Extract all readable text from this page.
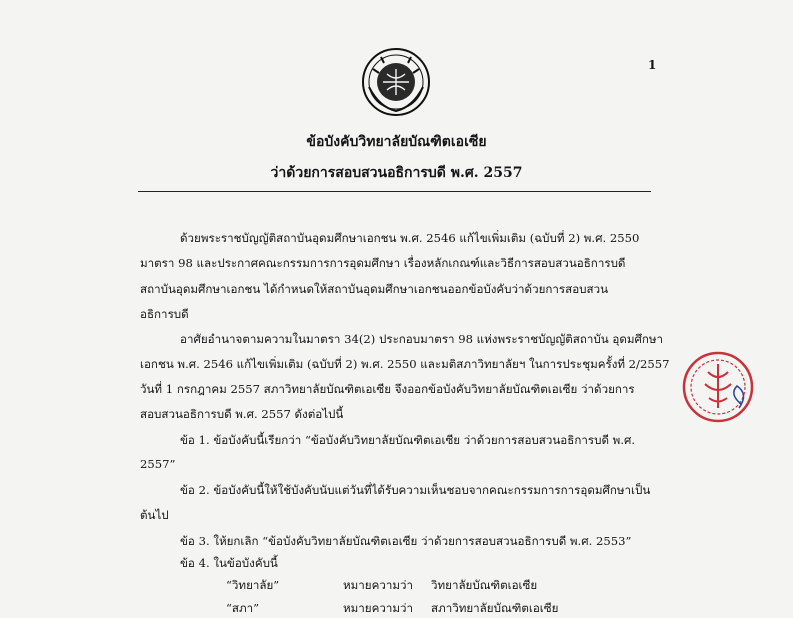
1
ข้อบังคับวิทยาลัยบัณฑิตเอเซีย
ว่าด้วยการสอบสวนอธิการบดี พ.ศ. 2557
ด้วยพระราชบัญญัติสถาบันอุดมศึกษาเอกชน พ.ศ. 2546 แก้ไขเพิ่มเติม (ฉบับที่ 2) พ.ศ. 2550
มาตรา 98 และประกาศคณะกรรมการการอุดมศึกษา เรื่องหลักเกณฑ์และวิธีการสอบสวนอธิการบดี
สถาบันอุดมศึกษาเอกชน ได้กำหนดให้สถาบันอุดมศึกษาเอกชนออกข้อบังคับว่าด้วยการสอบสวน
อธิการบดี
อาศัยอำนาจตามความในมาตรา 34(2) ประกอบมาตรา 98 แห่งพระราชบัญญัติสถาบัน อุดมศึกษา
เอกชน พ.ศ. 2546 แก้ไขเพิ่มเติม (ฉบับที่ 2) พ.ศ. 2550 และมติสภาวิทยาลัยฯ ในการประชุมครั้งที่ 2/2557
วันที่ 1 กรกฎาคม 2557 สภาวิทยาลัยบัณฑิตเอเซีย จึงออกข้อบังคับวิทยาลัยบัณฑิตเอเซีย ว่าด้วยการ
สอบสวนอธิการบดี พ.ศ. 2557 ดังต่อไปนี้
ข้อ 1. ข้อบังคับนี้เรียกว่า “ข้อบังคับวิทยาลัยบัณฑิตเอเซีย ว่าด้วยการสอบสวนอธิการบดี พ.ศ.
2557”
ข้อ 2. ข้อบังคับนี้ให้ใช้บังคับนับแต่วันที่ได้รับความเห็นชอบจากคณะกรรมการการอุดมศึกษาเป็น
ต้นไป
ข้อ 3. ให้ยกเลิก “ข้อบังคับวิทยาลัยบัณฑิตเอเซีย ว่าด้วยการสอบสวนอธิการบดี พ.ศ. 2553”
ข้อ 4. ในข้อบังคับนี้
“วิทยาลัย”	หมายความว่า วิทยาลัยบัณฑิตเอเซีย
“สภา”	หมายความว่า สภาวิทยาลัยบัณฑิตเอเซีย
